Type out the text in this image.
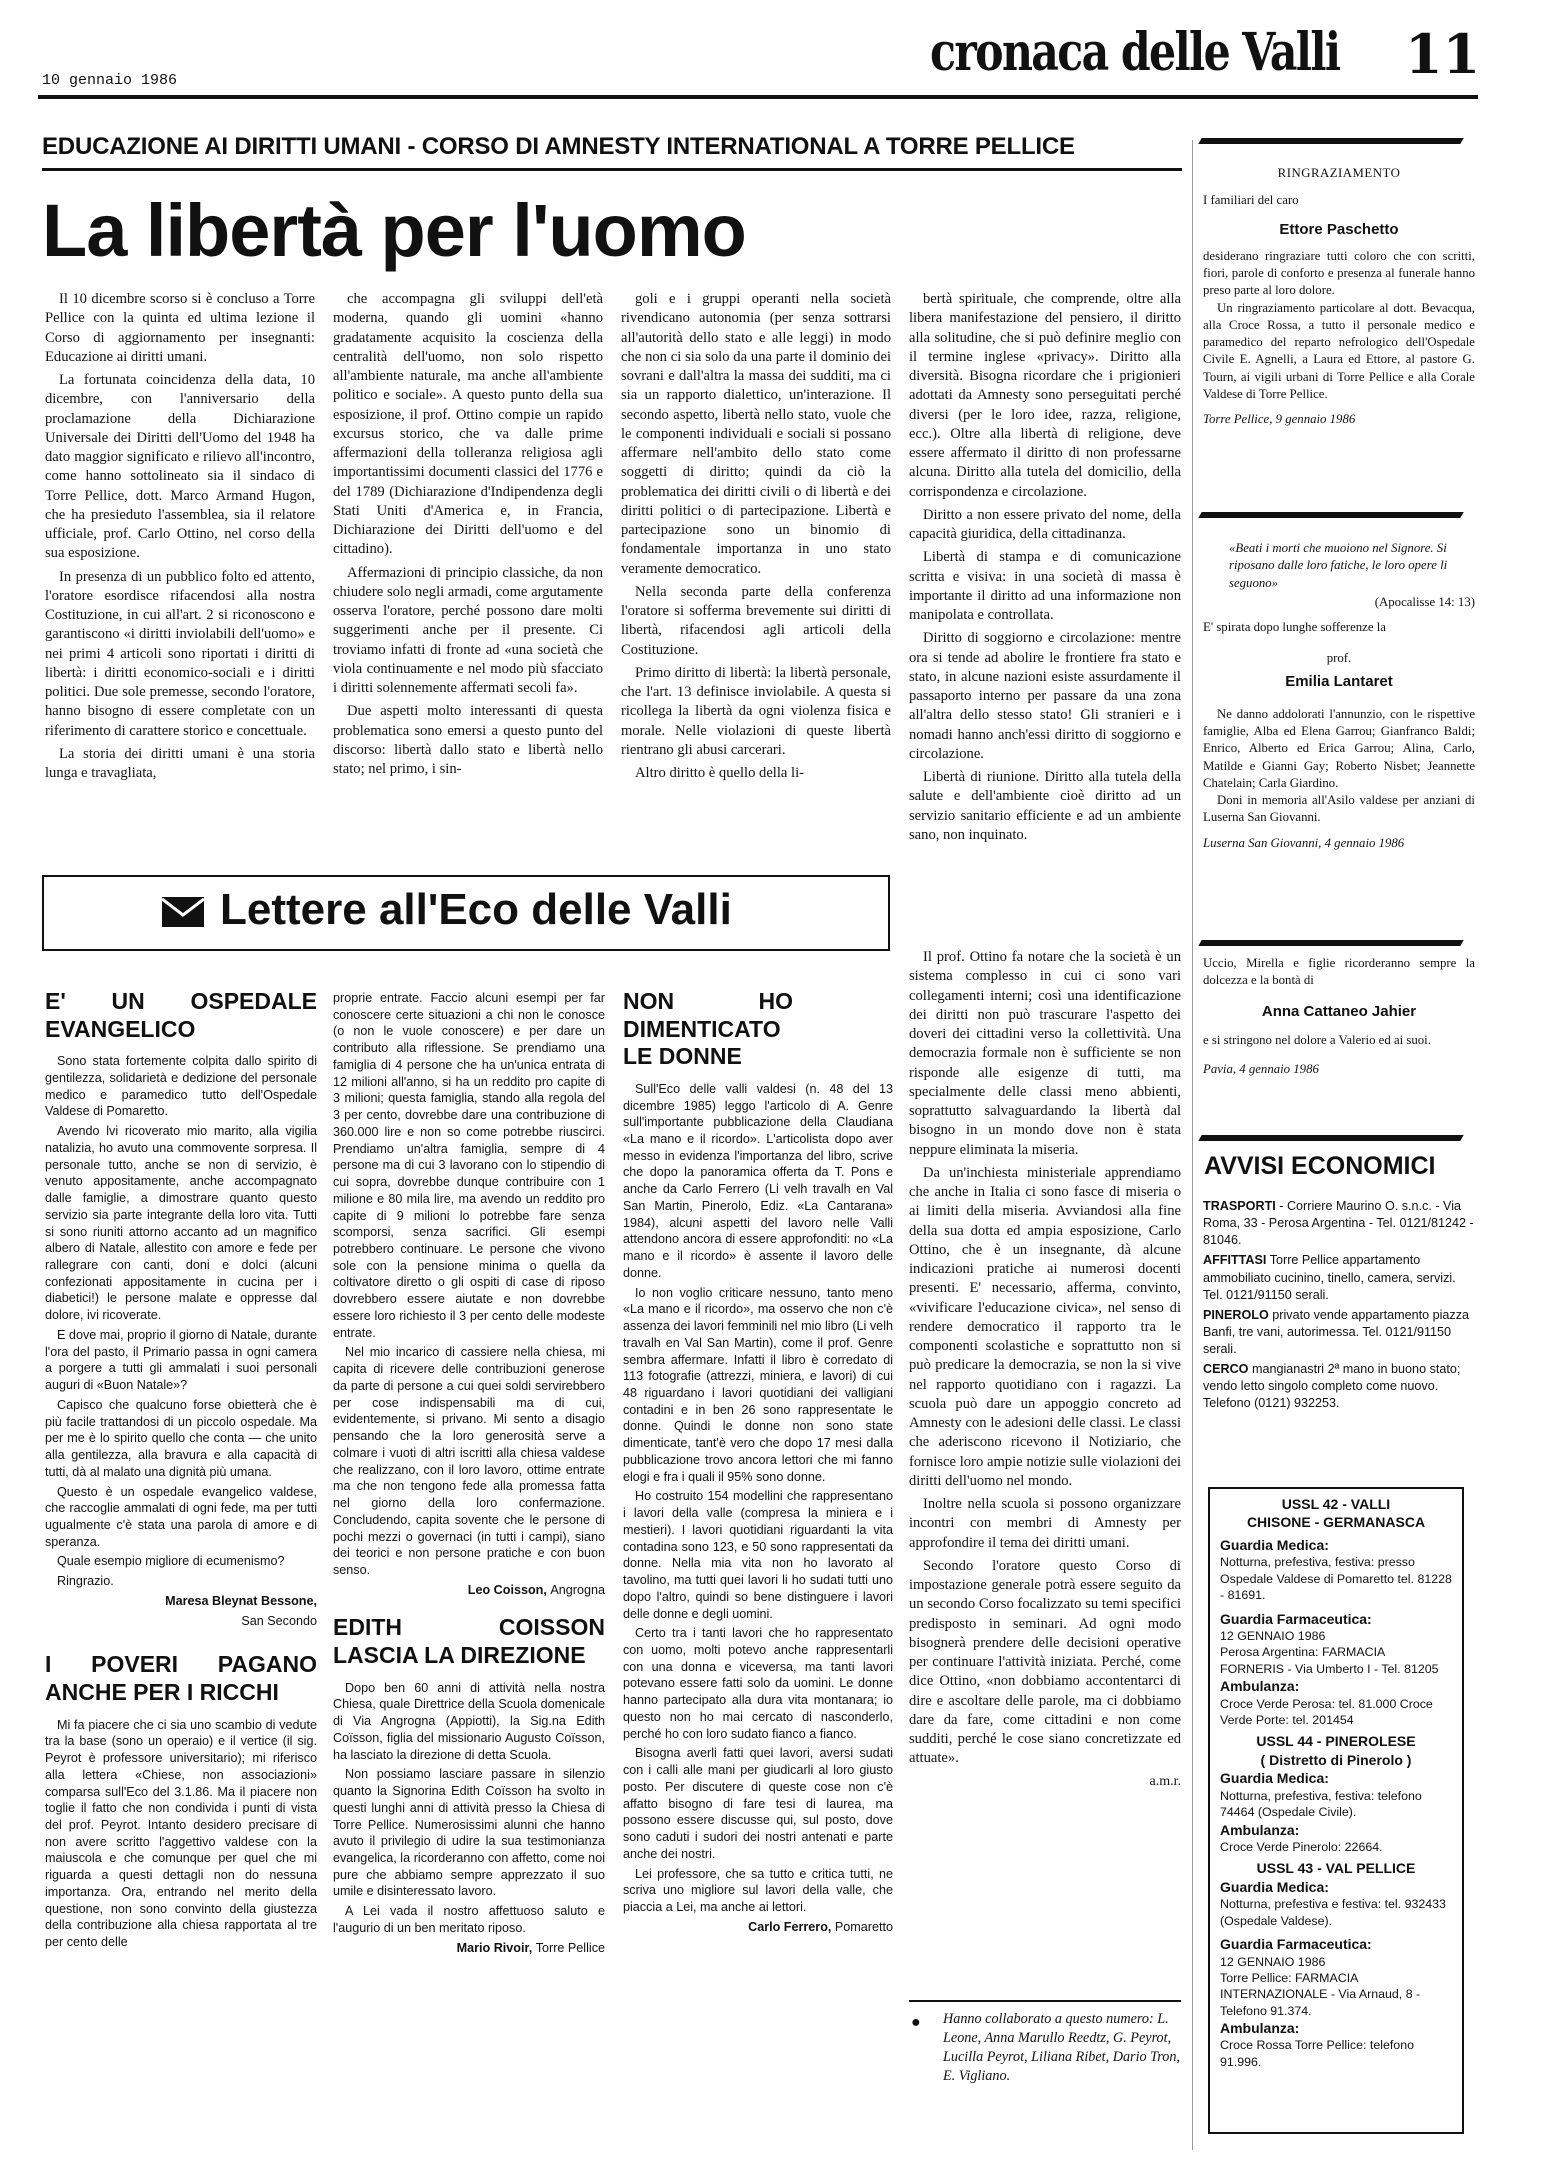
10 gennaio 1986	cronaca delle Valli 11
EDUCAZIONE AI DIRITTI UMANI - CORSO DI AMNESTY INTERNATIONAL A TORRE PELLICE
La libertà per l'uomo

Il 10 dicembre scorso si è concluso a Torre Pellice con la quinta ed ultima lezione il Corso di aggiornamento per insegnanti: Educazione ai diritti umani.

La fortunata coincidenza della data, 10 dicembre, con l'anniversario della proclamazione della Dichiarazione Universale dei Diritti dell'Uomo del 1948 ha dato maggior significato e rilievo all'incontro, come hanno sottolineato sia il sindaco di Torre Pellice, dott. Marco Armand Hugon, che ha presieduto l'assemblea, sia il relatore ufficiale, prof. Carlo Ottino, nel corso della sua esposizione.

In presenza di un pubblico folto ed attento, l'oratore esordisce rifacendosi alla nostra Costituzione, in cui all'art. 2 si riconoscono e garantiscono «i diritti inviolabili dell'uomo» e nei primi 4 articoli sono riportati i diritti di libertà: i diritti economico-sociali e i diritti politici. Due sole premesse, secondo l'oratore, hanno bisogno di essere completate con un riferimento di carattere storico e concettuale.

La storia dei diritti umani è una storia lunga e travagliata,

che accompagna gli sviluppi dell'età moderna, quando gli uomini «hanno gradatamente acquisito la coscienza della centralità dell'uomo, non solo rispetto all'ambiente naturale, ma anche all'ambiente politico e sociale». A questo punto della sua esposizione, il prof. Ottino compie un rapido excursus storico, che va dalle prime affermazioni della tolleranza religiosa agli importantissimi documenti classici del 1776 e del 1789 (Dichiarazione d'Indipendenza degli Stati Uniti d'America e, in Francia, Dichiarazione dei Diritti dell'uomo e del cittadino).

Affermazioni di principio classiche, da non chiudere solo negli armadi, come argutamente osserva l'oratore, perché possono dare molti suggerimenti anche per il presente. Ci troviamo infatti di fronte ad «una società che viola continuamente e nel modo più sfacciato i diritti solennemente affermati secoli fa».

Due aspetti molto interessanti di questa problematica sono emersi a questo punto del discorso: libertà dallo stato e libertà nello stato; nel primo, i sin-

goli e i gruppi operanti nella società rivendicano autonomia (per senza sottrarsi all'autorità dello stato e alle leggi) in modo che non ci sia solo da una parte il dominio dei sovrani e dall'altra la massa dei sudditi, ma ci sia un rapporto dialettico, un'interazione. Il secondo aspetto, libertà nello stato, vuole che le componenti individuali e sociali si possano affermare nell'ambito dello stato come soggetti di diritto; quindi da ciò la problematica dei diritti civili o di libertà e dei diritti politici o di partecipazione. Libertà e partecipazione sono un binomio di fondamentale importanza in uno stato veramente democratico.

Nella seconda parte della conferenza l'oratore si sofferma brevemente sui diritti di libertà, rifacendosi agli articoli della Costituzione.

Primo diritto di libertà: la libertà personale, che l'art. 13 definisce inviolabile. A questa si ricollega la libertà da ogni violenza fisica e morale. Nelle violazioni di queste libertà rientrano gli abusi carcerari.

Altro diritto è quello della li-

bertà spirituale, che comprende, oltre alla libera manifestazione del pensiero, il diritto alla solitudine, che si può definire meglio con il termine inglese «privacy». Diritto alla diversità. Bisogna ricordare che i prigionieri adottati da Amnesty sono perseguitati perché diversi (per le loro idee, razza, religione, ecc.). Oltre alla libertà di religione, deve essere affermato il diritto di non professarne alcuna. Diritto alla tutela del domicilio, della corrispondenza e circolazione.

Diritto a non essere privato del nome, della capacità giuridica, della cittadinanza.

Libertà di stampa e di comunicazione scritta e visiva: in una società di massa è importante il diritto ad una informazione non manipolata e controllata.

Diritto di soggiorno e circolazione: mentre ora si tende ad abolire le frontiere fra stato e stato, in alcune nazioni esiste assurdamente il passaporto interno per passare da una zona all'altra dello stesso stato! Gli stranieri e i nomadi hanno anch'essi diritto di soggiorno e circolazione.

Libertà di riunione. Diritto alla tutela della salute e dell'ambiente cioè diritto ad un servizio sanitario efficiente e ad un ambiente sano, non inquinato.

Il prof. Ottino fa notare che la società è un sistema complesso in cui ci sono vari collegamenti interni; così una identificazione dei diritti non può trascurare l'aspetto dei doveri dei cittadini verso la collettività. Una democrazia formale non è sufficiente se non risponde alle esigenze di tutti, ma specialmente delle classi meno abbienti, soprattutto salvaguardando la libertà dal bisogno in un mondo dove non è stata neppure eliminata la miseria.

Da un'inchiesta ministeriale apprendiamo che anche in Italia ci sono fasce di miseria o ai limiti della miseria. Avviandosi alla fine della sua dotta ed ampia esposizione, Carlo Ottino, che è un insegnante, dà alcune indicazioni pratiche ai numerosi docenti presenti. E' necessario, afferma, convinto, «vivificare l'educazione civica», nel senso di rendere democratico il rapporto tra le componenti scolastiche e soprattutto non si può predicare la democrazia, se non la si vive nel rapporto quotidiano con i ragazzi. La scuola può dare un appoggio concreto ad Amnesty con le adesioni delle classi. Le classi che aderiscono ricevono il Notiziario, che fornisce loro ampie notizie sulle violazioni dei diritti dell'uomo nel mondo.

Inoltre nella scuola si possono organizzare incontri con membri di Amnesty per approfondire il tema dei diritti umani.

Secondo l'oratore questo Corso di impostazione generale potrà essere seguito da un secondo Corso focalizzato su temi specifici predisposto in seminari. Ad ogni modo bisognerà prendere delle decisioni operative per continuare l'attività iniziata. Perché, come dice Ottino, «non dobbiamo accontentarci di dire e ascoltare delle parole, ma ci dobbiamo dare da fare, come cittadini e non come sudditi, perché le cose siano concretizzate ed attuate».

a.m.r.
● Hanno collaborato a questo numero: L. Leone, Anna Marullo Reedtz, G. Peyrot, Lucilla Peyrot, Liliana Ribet, Dario Tron, E. Vigliano.
Lettere all'Eco delle Valli
E' UN OSPEDALE EVANGELICO

Sono stata fortemente colpita dallo spirito di gentilezza, solidarietà e dedizione del personale medico e paramedico tutto dell'Ospedale Valdese di Pomaretto.

Avendo lvi ricoverato mio marito, alla vigilia natalizia, ho avuto una commovente sorpresa. Il personale tutto, anche se non di servizio, è venuto appositamente, anche accompagnato dalle famiglie, a dimostrare quanto questo servizio sia parte integrante della loro vita. Tutti si sono riuniti attorno accanto ad un magnifico albero di Natale, allestito con amore e fede per rallegrare con canti, doni e dolci (alcuni confezionati appositamente in cucina per i diabetici!) le persone malate e oppresse dal dolore, ivi ricoverate.

E dove mai, proprio il giorno di Natale, durante l'ora del pasto, il Primario passa in ogni camera a porgere a tutti gli ammalati i suoi personali auguri di «Buon Natale»?

Capisco che qualcuno forse obietterà che è più facile trattandosi di un piccolo ospedale. Ma per me è lo spirito quello che conta — che unito alla gentilezza, alla bravura e alla capacità di tutti, dà al malato una dignità più umana.

Questo è un ospedale evangelico valdese, che raccoglie ammalati di ogni fede, ma per tutti ugualmente c'è stata una parola di amore e di speranza.

Quale esempio migliore di ecumenismo?

Ringrazio.

Maresa Bleynat Bessone,

San Secondo

I POVERI PAGANO ANCHE PER I RICCHI

Mi fa piacere che ci sia uno scambio di vedute tra la base (sono un operaio) e il vertice (il sig. Peyrot è professore universitario); mi riferisco alla lettera «Chiese, non associazioni» comparsa sull'Eco del 3.1.86. Ma il piacere non toglie il fatto che non condivida i punti di vista del prof. Peyrot. Intanto desidero precisare di non avere scritto l'aggettivo valdese con la maiuscola e che comunque per quel che mi riguarda a questi dettagli non do nessuna importanza. Ora, entrando nel merito della questione, non sono convinto della giustezza della contribuzione alla chiesa rapportata al tre per cento delle

proprie entrate. Faccio alcuni esempi per far conoscere certe situazioni a chi non le conosce (o non le vuole conoscere) e per dare un contributo alla riflessione. Se prendiamo una famiglia di 4 persone che ha un'unica entrata di 12 milioni all'anno, si ha un reddito pro capite di 3 milioni; questa famiglia, stando alla regola del 3 per cento, dovrebbe dare una contribuzione di 360.000 lire e non so come potrebbe riuscirci. Prendiamo un'altra famiglia, sempre di 4 persone ma di cui 3 lavorano con lo stipendio di cui sopra, dovrebbe dunque contribuire con 1 milione e 80 mila lire, ma avendo un reddito pro capite di 9 milioni lo potrebbe fare senza scomporsi, senza sacrifici. Gli esempi potrebbero continuare. Le persone che vivono sole con la pensione minima o quella da coltivatore diretto o gli ospiti di case di riposo dovrebbero essere aiutate e non dovrebbe essere loro richiesto il 3 per cento delle modeste entrate.

Nel mio incarico di cassiere nella chiesa, mi capita di ricevere delle contribuzioni generose da parte di persone a cui quei soldi servirebbero per cose indispensabili ma di cui, evidentemente, si privano. Mi sento a disagio pensando che la loro generosità serve a colmare i vuoti di altri iscritti alla chiesa valdese che realizzano, con il loro lavoro, ottime entrate ma che non tengono fede alla promessa fatta nel giorno della loro confermazione. Concludendo, capita sovente che le persone di pochi mezzi o governaci (in tutti i campi), siano dei teorici e non persone pratiche e con buon senso.

Leo Coisson, Angrogna

EDITH COISSON LASCIA LA DIREZIONE

Dopo ben 60 anni di attività nella nostra Chiesa, quale Direttrice della Scuola domenicale di Via Angrogna (Appiotti), la Sig.na Edith Coïsson, figlia del missionario Augusto Coïsson, ha lasciato la direzione di detta Scuola.

Non possiamo lasciare passare in silenzio quanto la Signorina Edith Coïsson ha svolto in questi lunghi anni di attività presso la Chiesa di Torre Pellice. Numerosissimi alunni che hanno avuto il privilegio di udire la sua testimonianza evangelica, la ricorderanno con affetto, come noi pure che abbiamo sempre apprezzato il suo umile e disinteressato lavoro.

A Lei vada il nostro affettuoso saluto e l'augurio di un ben meritato riposo.

Mario Rivoir, Torre Pellice

NON HO DIMENTICATO LE DONNE

Sull'Eco delle valli valdesi (n. 48 del 13 dicembre 1985) leggo l'articolo di A. Genre sull'importante pubblicazione della Claudiana «La mano e il ricordo». L'articolista dopo aver messo in evidenza l'importanza del libro, scrive che dopo la panoramica offerta da T. Pons e anche da Carlo Ferrero (Li velh travalh en Val San Martin, Pinerolo, Ediz. «La Cantarana» 1984), alcuni aspetti del lavoro nelle Valli attendono ancora di essere approfonditi: no «La mano e il ricordo» è assente il lavoro delle donne.

Io non voglio criticare nessuno, tanto meno «La mano e il ricordo», ma osservo che non c'è assenza dei lavori femminili nel mio libro (Li velh travalh en Val San Martin), come il prof. Genre sembra affermare. Infatti il libro è corredato di 113 fotografie (attrezzi, miniera, e lavori) di cui 48 riguardano i lavori quotidiani dei valligiani contadini e in ben 26 sono rappresentate le donne. Quindi le donne non sono state dimenticate, tant'è vero che dopo 17 mesi dalla pubblicazione trovo ancora lettori che mi fanno elogi e fra i quali il 95% sono donne.

Ho costruito 154 modellini che rappresentano i lavori della valle (compresa la miniera e i mestieri). I lavori quotidiani riguardanti la vita contadina sono 123, e 50 sono rappresentati da donne. Nella mia vita non ho lavorato al tavolino, ma tutti quei lavori li ho sudati tutti uno dopo l'altro, quindi so bene distinguere i lavori delle donne e degli uomini.

Certo tra i tanti lavori che ho rappresentato con uomo, molti potevo anche rappresentarli con una donna e viceversa, ma tanti lavori potevano essere fatti solo da uomini. Le donne hanno partecipato alla dura vita montanara; io questo non ho mai cercato di nasconderlo, perché ho con loro sudato fianco a fianco.

Bisogna averli fatti quei lavori, aversi sudati con i calli alle mani per giudicarli al loro giusto posto. Per discutere di queste cose non c'è affatto bisogno di fare tesi di laurea, ma possono essere discusse qui, sul posto, dove sono caduti i sudori dei nostri antenati e parte anche dei nostri.

Lei professore, che sa tutto e critica tutti, ne scriva uno migliore sul lavori della valle, che piaccia a Lei, ma anche ai lettori.

Carlo Ferrero, Pomaretto

RINGRAZIAMENTO

I familiari del caro

Ettore Paschetto

desiderano ringraziare tutti coloro che con scritti, fiori, parole di conforto e presenza al funerale hanno preso parte al loro dolore.

Un ringraziamento particolare al dott. Bevacqua, alla Croce Rossa, a tutto il personale medico e paramedico del reparto nefrologico dell'Ospedale Civile E. Agnelli, a Laura ed Ettore, al pastore G. Tourn, ai vigili urbani di Torre Pellice e alla Corale Valdese di Torre Pellice.

Torre Pellice, 9 gennaio 1986

«Beati i morti che muoiono nel Signore. Si riposano dalle loro fatiche, le loro opere li seguono»

(Apocalisse 14: 13)

E' spirata dopo lunghe sofferenze la

prof.

Emilia Lantaret

Ne danno addolorati l'annunzio, con le rispettive famiglie, Alba ed Elena Garrou; Gianfranco Baldi; Enrico, Alberto ed Erica Garrou; Alina, Carlo, Matilde e Gianni Gay; Roberto Nisbet; Jeannette Chatelain; Carla Giardino.

Doni in memoria all'Asilo valdese per anziani di Luserna San Giovanni.

Luserna San Giovanni, 4 gennaio 1986

Uccio, Mirella e figlie ricorderanno sempre la dolcezza e la bontà di

Anna Cattaneo Jahier

e si stringono nel dolore a Valerio ed ai suoi.

Pavia, 4 gennaio 1986

AVVISI ECONOMICI

TRASPORTI - Corriere Maurino O. s.n.c. - Via Roma, 33 - Perosa Argentina - Tel. 0121/81242 - 81046.

AFFITTASI Torre Pellice appartamento ammobiliato cucinino, tinello, camera, servizi. Tel. 0121/91150 serali.

PINEROLO privato vende appartamento piazza Banfi, tre vani, autorimessa. Tel. 0121/91150 serali.

CERCO mangianastri 2ª mano in buono stato; vendo letto singolo completo come nuovo. Telefono (0121) 932253.

USSL 42 - VALLI
CHISONE - GERMANASCA
Guardia Medica:
Notturna, prefestiva, festiva: presso Ospedale Valdese di Pomaretto tel. 81228 - 81691.
Guardia Farmaceutica:
12 GENNAIO 1986
Perosa Argentina: FARMACIA FORNERIS - Via Umberto I - Tel. 81205
Ambulanza:
Croce Verde Perosa: tel. 81.000 Croce Verde Porte: tel. 201454
USSL 44 - PINEROLESE
( Distretto di Pinerolo )
Guardia Medica:
Notturna, prefestiva, festiva: telefono 74464 (Ospedale Civile).
Ambulanza:
Croce Verde Pinerolo: 22664.
USSL 43 - VAL PELLICE
Guardia Medica:
Notturna, prefestiva e festiva: tel. 932433 (Ospedale Valdese).
Guardia Farmaceutica:
12 GENNAIO 1986
Torre Pellice: FARMACIA INTERNAZIONALE - Via Arnaud, 8 - Telefono 91.374.
Ambulanza:
Croce Rossa Torre Pellice: telefono 91.996.
